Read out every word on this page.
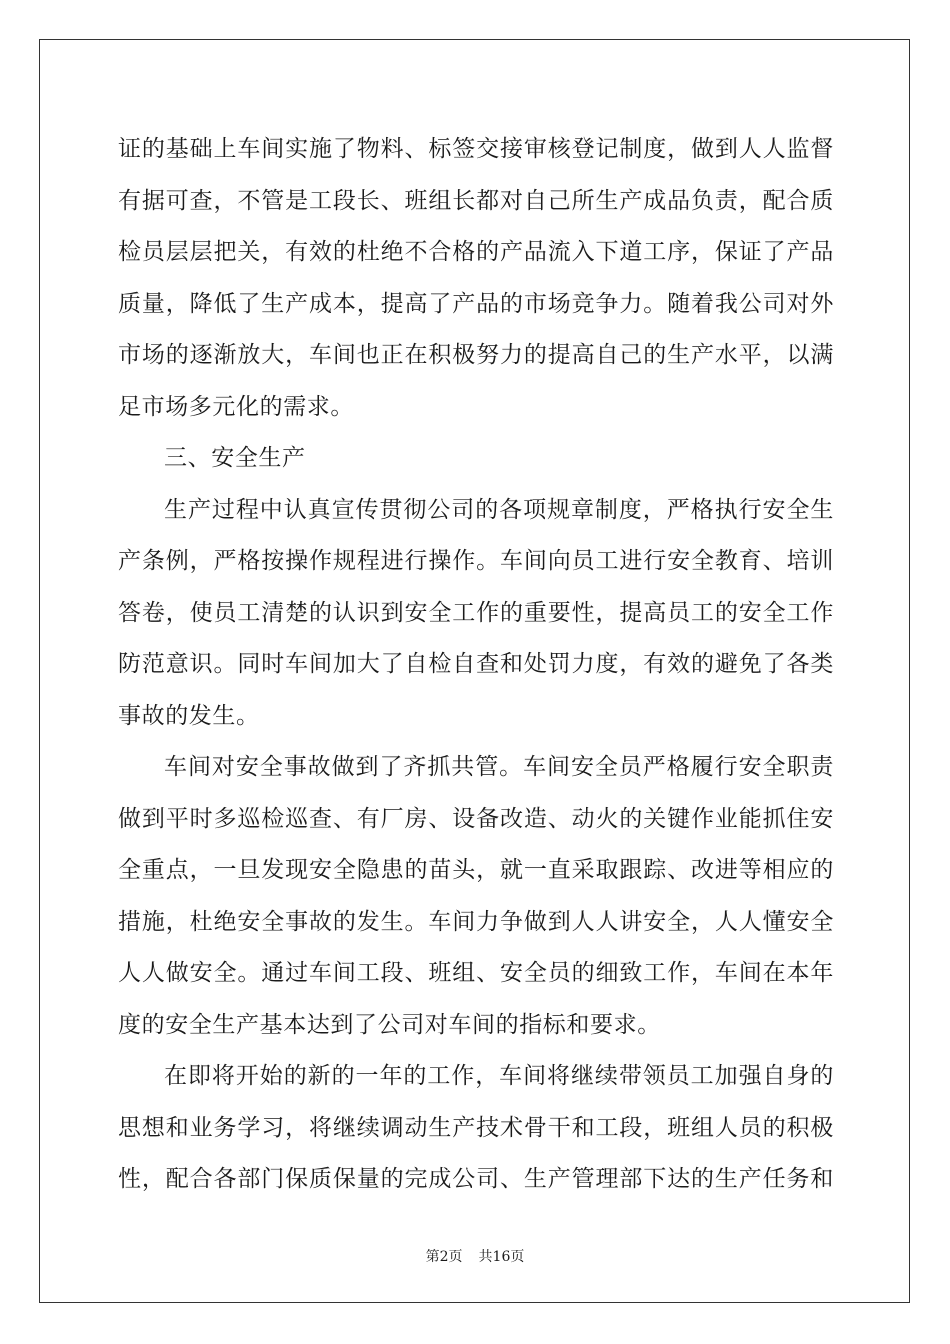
证的基础上车间实施了物料、标签交接审核登记制度，做到人人监督
有据可查，不管是工段长、班组长都对自己所生产成品负责，配合质
检员层层把关，有效的杜绝不合格的产品流入下道工序，保证了产品
质量，降低了生产成本，提高了产品的市场竞争力。随着我公司对外
市场的逐渐放大，车间也正在积极努力的提高自己的生产水平，以满
足市场多元化的需求。
三、安全生产
生产过程中认真宣传贯彻公司的各项规章制度，严格执行安全生
产条例，严格按操作规程进行操作。车间向员工进行安全教育、培训
答卷，使员工清楚的认识到安全工作的重要性，提高员工的安全工作
防范意识。同时车间加大了自检自查和处罚力度，有效的避免了各类
事故的发生。
车间对安全事故做到了齐抓共管。车间安全员严格履行安全职责
做到平时多巡检巡查、有厂房、设备改造、动火的关键作业能抓住安
全重点，一旦发现安全隐患的苗头，就一直采取跟踪、改进等相应的
措施，杜绝安全事故的发生。车间力争做到人人讲安全，人人懂安全
人人做安全。通过车间工段、班组、安全员的细致工作，车间在本年
度的安全生产基本达到了公司对车间的指标和要求。
在即将开始的新的一年的工作，车间将继续带领员工加强自身的
思想和业务学习，将继续调动生产技术骨干和工段，班组人员的积极
性，配合各部门保质保量的完成公司、生产管理部下达的生产任务和
第2页 共16页
